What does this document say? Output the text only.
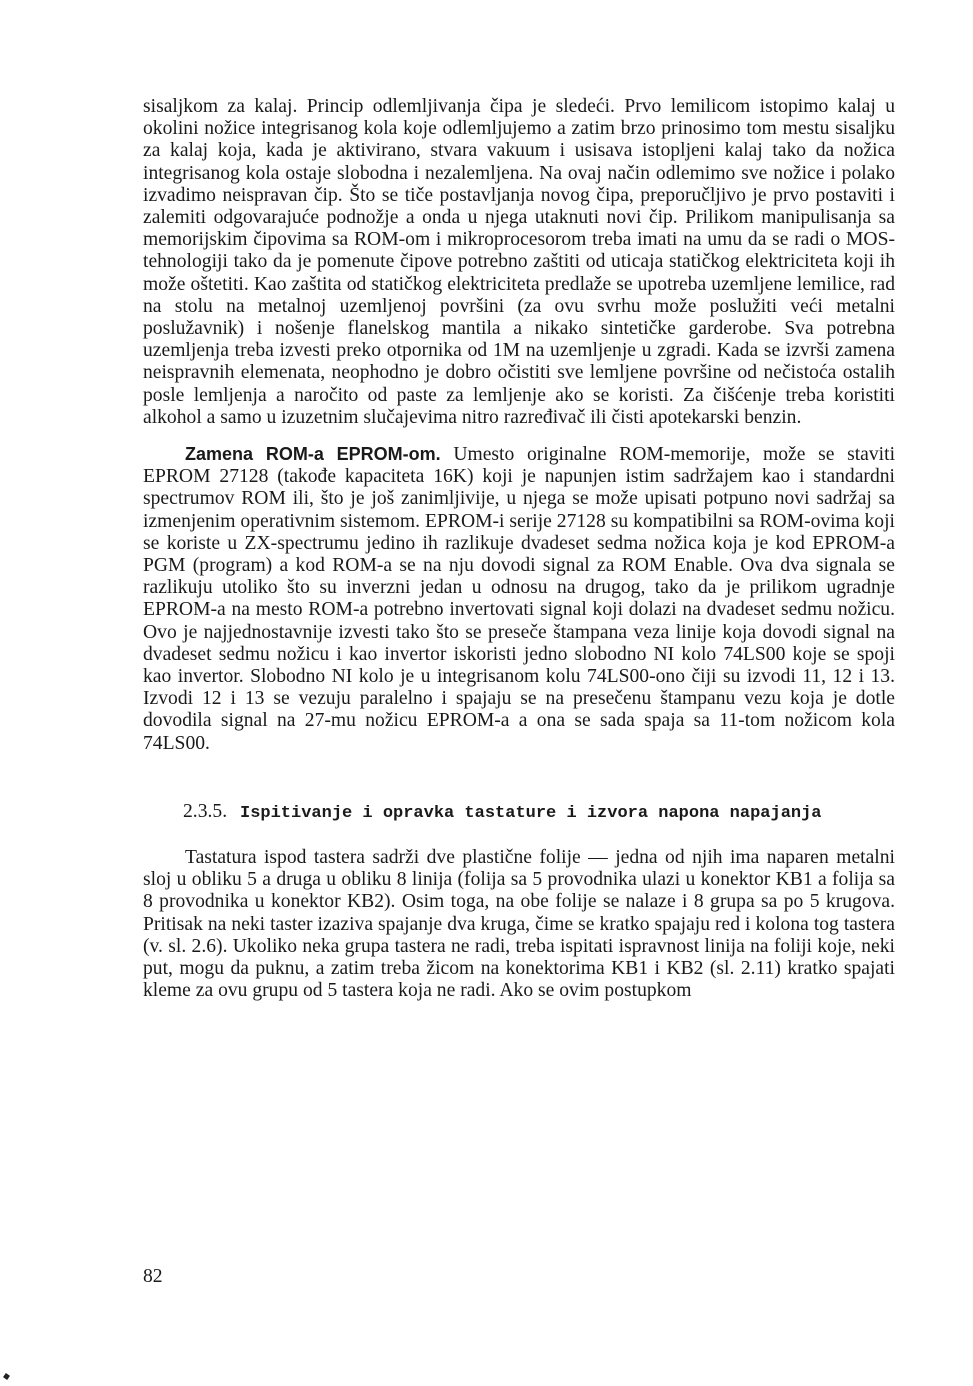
sisaljkom za kalaj. Princip odlemljivanja čipa je sledeći. Prvo lemilicom istopimo kalaj u okolini nožice integrisanog kola koje odlemljujemo a zatim brzo prinosimo tom mestu sisaljku za kalaj koja, kada je aktivirano, stvara vakuum i usisava istopljeni kalaj tako da nožica integrisanog kola ostaje slobodna i nezalemljena. Na ovaj način odlemimo sve nožice i polako izvadimo neispravan čip. Što se tiče postavljanja novog čipa, preporučljivo je prvo postaviti i zalemiti odgovarajuće podnožje a onda u njega utaknuti novi čip. Prilikom manipulisanja sa memorijskim čipovima sa ROM-om i mikroprocesorom treba imati na umu da se radi o MOS-tehnologiji tako da je pomenute čipove potrebno zaštiti od uticaja statičkog elektriciteta koji ih može oštetiti. Kao zaštita od statičkog elektriciteta predlaže se upotreba uzemljene lemilice, rad na stolu na metalnoj uzemljenoj površini (za ovu svrhu može poslužiti veći metalni poslužavnik) i nošenje flanelskog mantila a nikako sintetičke garderobe. Sva potrebna uzemljenja treba izvesti preko otpornika od 1M na uzemljenje u zgradi. Kada se izvrši zamena neispravnih elemenata, neophodno je dobro očistiti sve lemljene površine od nečistoća ostalih posle lemljenja a naročito od paste za lemljenje ako se koristi. Za čišćenje treba koristiti alkohol a samo u izuzetnim slučajevima nitro razređivač ili čisti apotekarski benzin.

Zamena ROM-a EPROM-om. Umesto originalne ROM-memorije, može se staviti EPROM 27128 (takođe kapaciteta 16K) koji je napunjen istim sadržajem kao i standardni spectrumov ROM ili, što je još zanimljivije, u njega se može upisati potpuno novi sadržaj sa izmenjenim operativnim sistemom. EPROM-i serije 27128 su kompatibilni sa ROM-ovima koji se koriste u ZX-spectrumu jedino ih razlikuje dvadeset sedma nožica koja je kod EPROM-a PGM (program) a kod ROM-a se na nju dovodi signal za ROM Enable. Ova dva signala se razlikuju utoliko što su inverzni jedan u odnosu na drugog, tako da je prilikom ugradnje EPROM-a na mesto ROM-a potrebno invertovati signal koji dolazi na dvadeset sedmu nožicu. Ovo je najjednostavnije izvesti tako što se preseče štampana veza linije koja dovodi signal na dvadeset sedmu nožicu i kao invertor iskoristi jedno slobodno NI kolo 74LS00 koje se spoji kao invertor. Slobodno NI kolo je u integrisanom kolu 74LS00-ono čiji su izvodi 11, 12 i 13. Izvodi 12 i 13 se vezuju paralelno i spajaju se na presečenu štampanu vezu koja je dotle dovodila signal na 27-mu nožicu EPROM-a a ona se sada spaja sa 11-tom nožicom kola 74LS00.

2.3.5. Ispitivanje i opravka tastature i izvora napona napajanja

Tastatura ispod tastera sadrži dve plastične folije — jedna od njih ima naparen metalni sloj u obliku 5 a druga u obliku 8 linija (folija sa 5 provodnika ulazi u konektor KB1 a folija sa 8 provodnika u konektor KB2). Osim toga, na obe folije se nalaze i 8 grupa sa po 5 krugova. Pritisak na neki taster izaziva spajanje dva kruga, čime se kratko spajaju red i kolona tog tastera (v. sl. 2.6). Ukoliko neka grupa tastera ne radi, treba ispitati ispravnost linija na foliji koje, neki put, mogu da puknu, a zatim treba žicom na konektorima KB1 i KB2 (sl. 2.11) kratko spajati kleme za ovu grupu od 5 tastera koja ne radi. Ako se ovim postupkom

82
